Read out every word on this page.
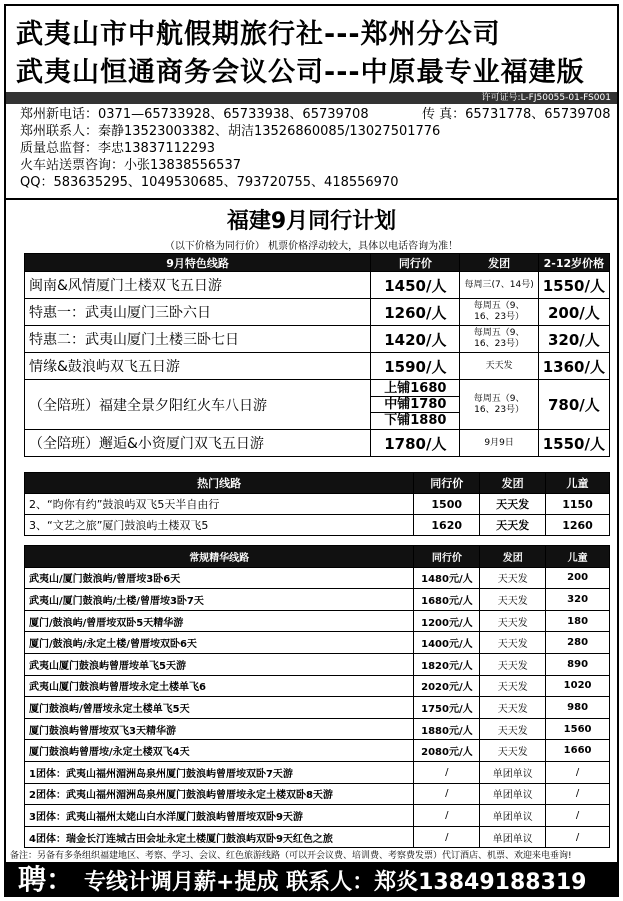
武夷山市中航假期旅行社---郑州分公司
武夷山恒通商务会议公司---中原最专业福建版
许可证号:L-FJ50055-01-FS001
郑州新电话：0371—65733928、65733938、65739708	传 真：65731778、65739708
郑州联系人：秦静13523003382、胡洁13526860085/13027501776
质量总监督：李忠13837112293
火车站送票咨询：小张13838556537
QQ：583635295、1049530685、793720755、418556970
福建9月同行计划
（以下价格为同行价） 机票价格浮动较大，具体以电话咨询为准！
9月特色线路	同行价	发团	2-12岁价格
闽南&风情厦门土楼双飞五日游	1450/人	每周三(7、14号)	1550/人
特惠一：武夷山厦门三卧六日	1260/人	每周五（9、16、23号）	200/人
特惠二：武夷山厦门土楼三卧七日	1420/人	每周五（9、16、23号）	320/人
情缘&鼓浪屿双飞五日游	1590/人	天天发	1360/人
（全陪班）福建全景夕阳红火车八日游	上铺1680
中铺1780
下铺1880	每周五（9、16、23号）	780/人
（全陪班）邂逅&小资厦门双飞五日游	1780/人	9月9日	1550/人
热门线路	同行价	发团	儿童
2、“昀你有约”鼓浪屿双飞5天半自由行	1500	天天发	1150
3、“文艺之旅”厦门鼓浪屿土楼双飞5	1620	天天发	1260
常规精华线路	同行价	发团	儿童
武夷山/厦门鼓浪屿/曾厝垵3卧6天	1480元/人	天天发	200
武夷山/厦门鼓浪屿/土楼/曾厝垵3卧7天	1680元/人	天天发	320
厦门/鼓浪屿/曾厝垵双卧5天精华游	1200元/人	天天发	180
厦门/鼓浪屿/永定土楼/曾厝垵双卧6天	1400元/人	天天发	280
武夷山厦门鼓浪屿曾厝垵单飞5天游	1820元/人	天天发	890
武夷山厦门鼓浪屿曾厝垵永定土楼单飞6	2020元/人	天天发	1020
厦门鼓浪屿/曾厝垵永定土楼单飞5天	1750元/人	天天发	980
厦门鼓浪屿曾厝垵双飞3天精华游	1880元/人	天天发	1560
厦门鼓浪屿曾厝垵/永定土楼双飞4天	2080元/人	天天发	1660
1团体：武夷山福州湄洲岛泉州厦门鼓浪屿曾厝垵双卧7天游	/	单团单议	/
2团体：武夷山福州湄洲岛泉州厦门鼓浪屿曾厝垵永定土楼双卧8天游	/	单团单议	/
3团体：武夷山福州太姥山白水洋厦门鼓浪屿曾厝垵双卧9天游	/	单团单议	/
4团体：瑞金长汀连城古田会址永定土楼厦门鼓浪屿双卧9天红色之旅	/	单团单议	/
备注：另备有多条组织福建地区、考察、学习、会议、红色旅游线路（可以开会议费、培训费、考察费发票）代订酒店、机票、欢迎来电垂询!
聘： 专线计调月薪+提成 联系人：郑炎13849188319
